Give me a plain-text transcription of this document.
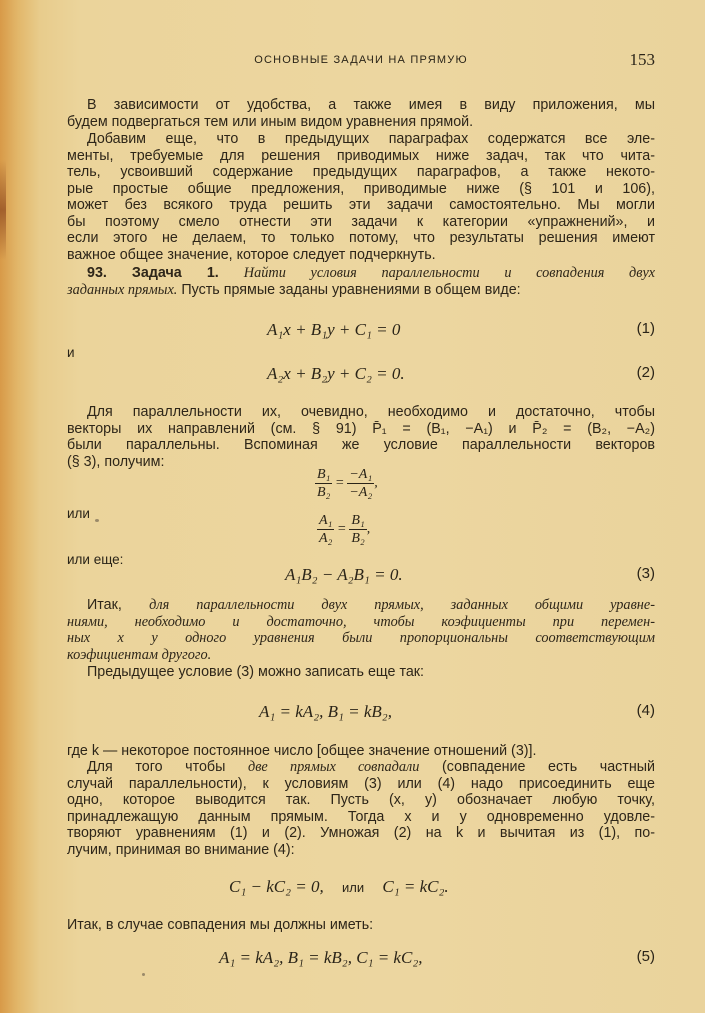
ОСНОВНЫЕ ЗАДАЧИ НА ПРЯМУЮ	153
В зависимости от удобства, а также имея в виду приложения, мы
будем подвергаться тем или иным видом уравнения прямой.
Добавим еще, что в предыдущих параграфах содержатся все эле-
менты, требуемые для решения приводимых ниже задач, так что чита-
тель, усвоивший содержание предыдущих параграфов, а также некото-
рые простые общие предложения, приводимые ниже (§ 101 и 106),
может без всякого труда решить эти задачи самостоятельно. Мы могли
бы поэтому смело отнести эти задачи к категории «упражнений», и
если этого не делаем, то только потому, что результаты решения имеют
важное общее значение, которое следует подчеркнуть.
93. Задача 1. Найти условия параллельности и совпадения двух
заданных прямых. Пусть прямые заданы уравнениями в общем виде:
A₁x + B₁y + C₁ = 0	(1)
и
A₂x + B₂y + C₂ = 0.	(2)
Для параллельности их, очевидно, необходимо и достаточно, чтобы
векторы их направлений (см. § 91) P̄₁ = (B₁, −A₁) и P̄₂ = (B₂, −A₂)
были параллельны. Вспоминая же условие параллельности векторов
(§ 3), получим:
$\frac{\text{B₁}}{\text{B₂}} = \frac{\text{−A₁}}{\text{−A₂}}$ ,
или	$\frac{\text{A₁}}{\text{A₂}} = \frac{\text{B₁}}{\text{B₂}}$ ,
или еще:
A₁B₂ − A₂B₁ = 0.	(3)
Итак, для параллельности двух прямых, заданных общими уравне-
ниями, необходимо и достаточно, чтобы коэфициенты при перемен-
ных x y одного уравнения были пропорциональны соответствующим
коэфициентам другого.
Предыдущее условие (3) можно записать еще так:
A₁ = kA₂, B₁ = kB₂,	(4)
где k — некоторое постоянное число [общее значение отношений (3)].
Для того чтобы две прямых совпадали (совпадение есть частный
случай параллельности), к условиям (3) или (4) надо присоединить еще
одно, которое выводится так. Пусть (x, y) обозначает любую точку,
принадлежащую данным прямым. Тогда x и y одновременно удовле-
творяют уравнениям (1) и (2). Умножая (2) на k и вычитая из (1), по-
лучим, принимая во внимание (4):
C₁ − kC₂ = 0, или C₁ = kC₂.
Итак, в случае совпадения мы должны иметь:
A₁ = kA₂, B₁ = kB₂, C₁ = kC₂,	(5)
